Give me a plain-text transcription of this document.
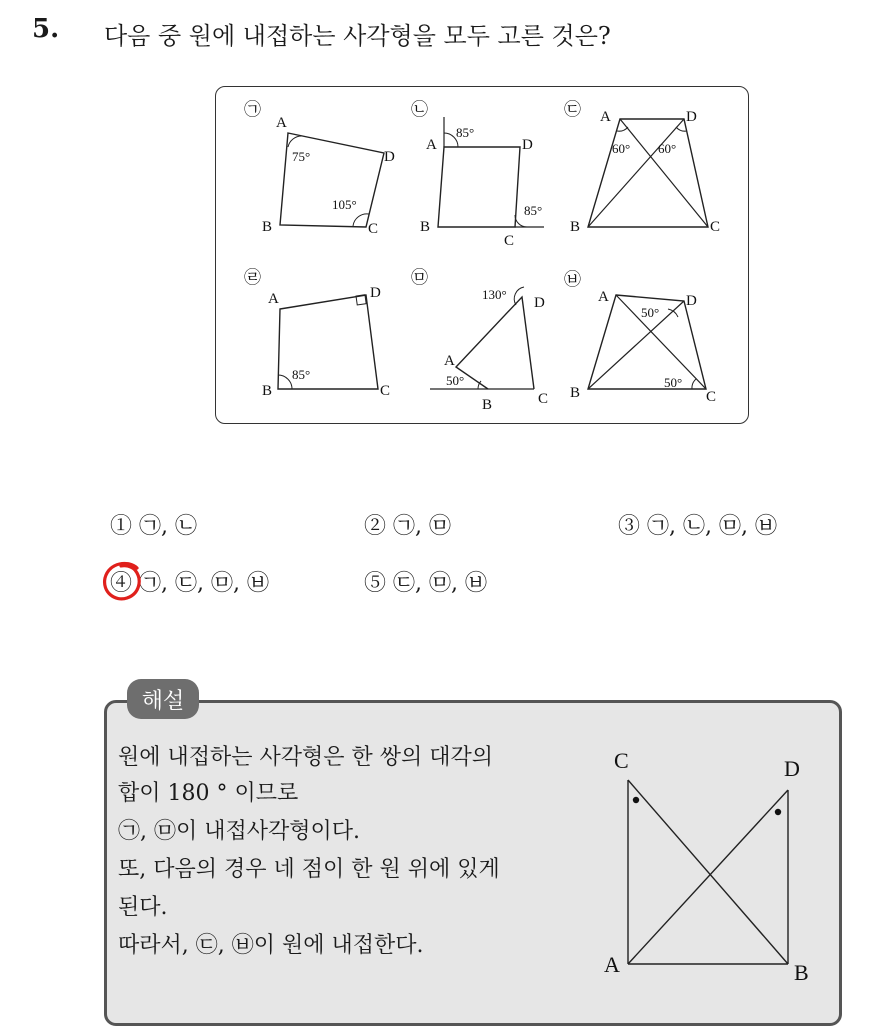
5. 다음 중 원에 내접하는 사각형을 모두 고른 것은?
㉠
A
B	C
D
75°
105°
㉡
A
B
C
D
85°
85°
㉢ A
B	C
D
60° 60°
㉣
A
B	C
D
85°
㉤
A
B	C
D
130°
50°
㉥
A
B	C
D
50°
50°
① ㉠, ㉡	② ㉠, ㉤	③ ㉠, ㉡, ㉤, ㉥
④ ㉠, ㉢, ㉤, ㉥	⑤ ㉢, ㉤, ㉥
해설
원에 내접하는 사각형은 한 쌍의 대각의
합이 180 ° 이므로
㉠, ㉤이 내접사각형이다.
또, 다음의 경우 네 점이 한 원 위에 있게
된다.
따라서, ㉢, ㉥이 원에 내접한다.
C	D
A	B
